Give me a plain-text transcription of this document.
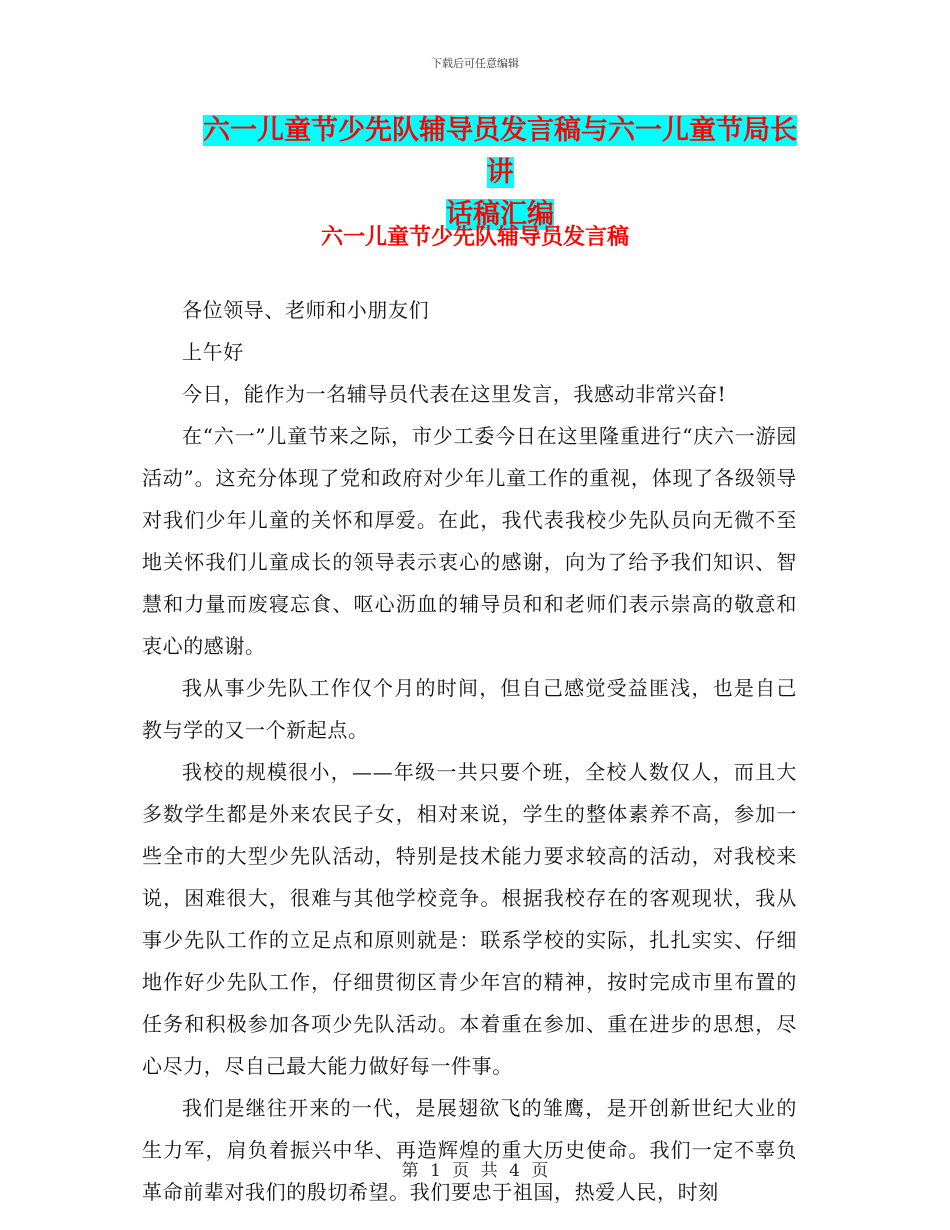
下载后可任意编辑
六一儿童节少先队辅导员发言稿与六一儿童节局长讲
话稿汇编
六一儿童节少先队辅导员发言稿

各位领导、老师和小朋友们

上午好

今日，能作为一名辅导员代表在这里发言，我感动非常兴奋!

在“六一”儿童节来之际，市少工委今日在这里隆重进行“庆六一游园活动”。这充分体现了党和政府对少年儿童工作的重视，体现了各级领导对我们少年儿童的关怀和厚爱。在此，我代表我校少先队员向无微不至地关怀我们儿童成长的领导表示衷心的感谢，向为了给予我们知识、智慧和力量而废寝忘食、呕心沥血的辅导员和和老师们表示崇高的敬意和衷心的感谢。

我从事少先队工作仅个月的时间，但自己感觉受益匪浅，也是自己教与学的又一个新起点。

我校的规模很小，——年级一共只要个班，全校人数仅人，而且大多数学生都是外来农民子女，相对来说，学生的整体素养不高，参加一些全市的大型少先队活动，特别是技术能力要求较高的活动，对我校来说，困难很大，很难与其他学校竞争。根据我校存在的客观现状，我从事少先队工作的立足点和原则就是：联系学校的实际，扎扎实实、仔细地作好少先队工作，仔细贯彻区青少年宫的精神，按时完成市里布置的任务和积极参加各项少先队活动。本着重在参加、重在进步的思想，尽心尽力，尽自己最大能力做好每一件事。

我们是继往开来的一代，是展翅欲飞的雏鹰，是开创新世纪大业的生力军，肩负着振兴中华、再造辉煌的重大历史使命。我们一定不辜负革命前辈对我们的殷切希望。我们要忠于祖国，热爱人民，时刻

第 1 页 共 4 页
